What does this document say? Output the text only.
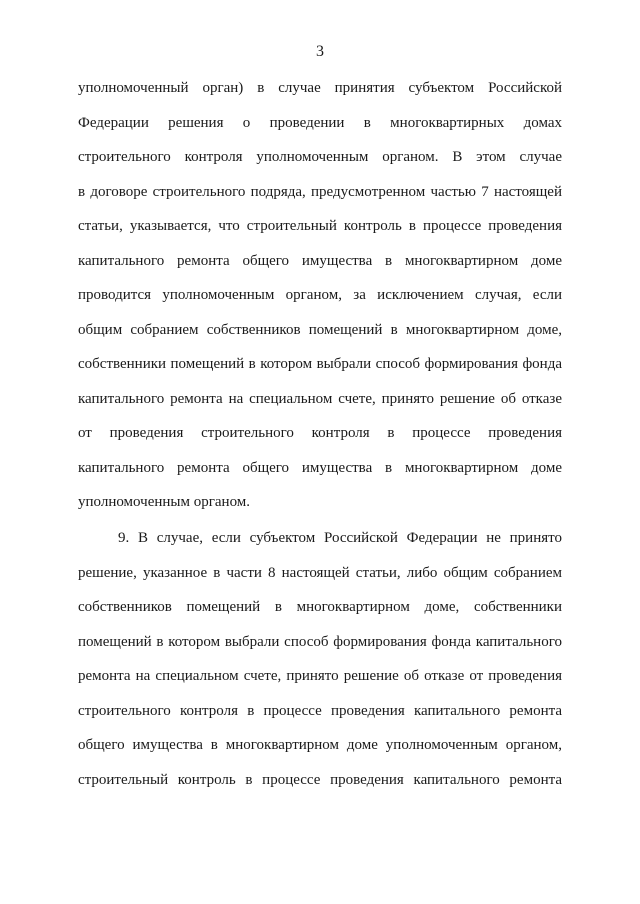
3
уполномоченный орган) в случае принятия субъектом Российской
Федерации решения о проведении в многоквартирных домах
строительного контроля уполномоченным органом. В этом случае
в договоре строительного подряда, предусмотренном частью 7 настоящей
статьи, указывается, что строительный контроль в процессе проведения
капитального ремонта общего имущества в многоквартирном доме
проводится уполномоченным органом, за исключением случая, если
общим собранием собственников помещений в многоквартирном доме,
собственники помещений в котором выбрали способ формирования фонда
капитального ремонта на специальном счете, принято решение об отказе
от проведения строительного контроля в процессе проведения
капитального ремонта общего имущества в многоквартирном доме
уполномоченным органом.
9. В случае, если субъектом Российской Федерации не принято
решение, указанное в части 8 настоящей статьи, либо общим собранием
собственников помещений в многоквартирном доме, собственники
помещений в котором выбрали способ формирования фонда капитального
ремонта на специальном счете, принято решение об отказе от проведения
строительного контроля в процессе проведения капитального ремонта
общего имущества в многоквартирном доме уполномоченным органом,
строительный контроль в процессе проведения капитального ремонта
